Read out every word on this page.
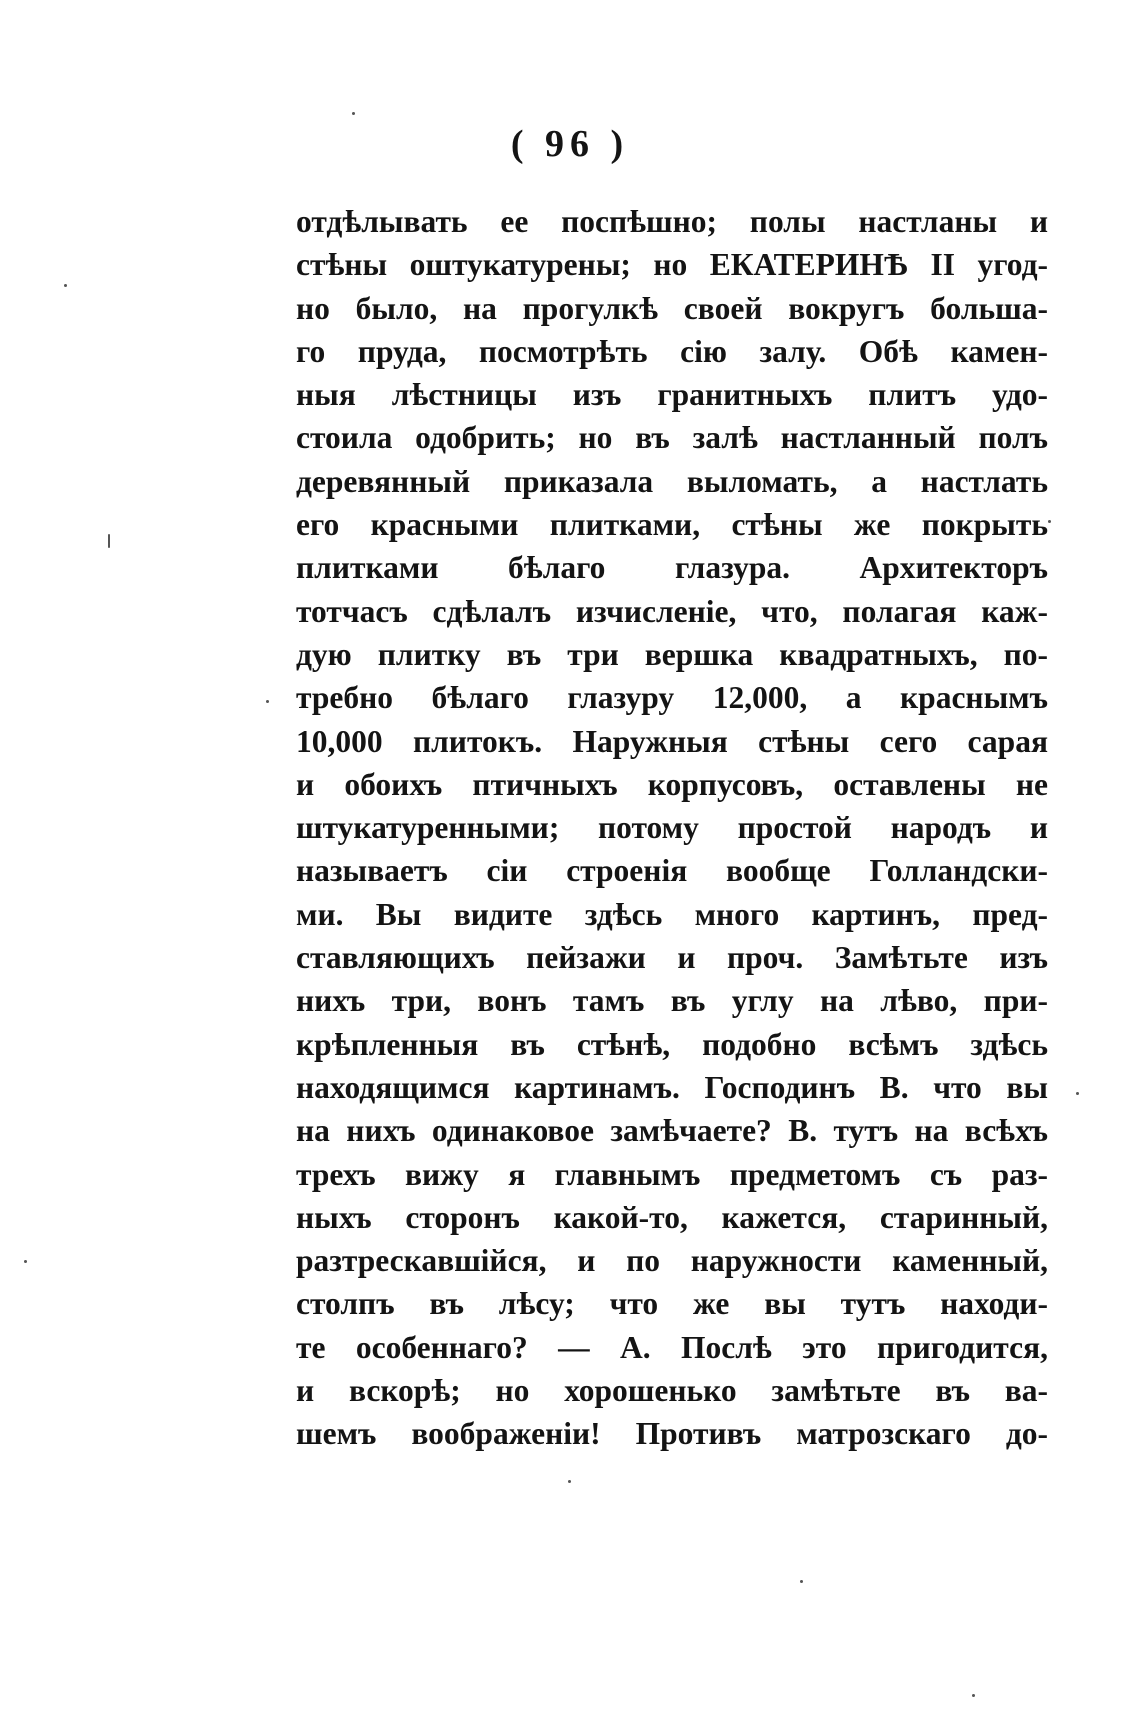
( 96 )
отдѣлывать ее поспѣшно; полы настланы и
стѣны оштукатурены; но ЕКАТЕРИНѢ II угод-
но было, на прогулкѣ своей вокругъ большa-
го пруда, посмотрѣть сiю залу. Обѣ камен-
ныя лѣстницы изъ гранитныхъ плитъ удо-
стоила одобрить; но въ залѣ настланный полъ
деревянный приказала выломать, а настлать
его красными плитками, стѣны же покрыть
плитками бѣлаго глазура. Архитекторъ
тотчасъ сдѣлалъ изчисленiе, что, полагая каж-
дую плитку въ три вершка квадратныхъ, по-
требно бѣлаго глазуру 12,000, а краснымъ
10,000 плитокъ. Наружныя стѣны сего сарая
и обоихъ птичныхъ корпусовъ, оставлены не
штукатуренными; потому простой народъ и
называетъ сiи строенiя вообще Голландски-
ми. Вы видите здѣсь много картинъ, пред-
ставляющихъ пейзажи и проч. Замѣтьте изъ
нихъ три, вонъ тамъ въ углу на лѣво, при-
крѣпленныя въ стѣнѣ, подобно всѣмъ здѣсь
находящимся картинамъ. Господинъ В. что вы
на нихъ одинаковое замѣчаете? В. тутъ на всѣхъ
трехъ вижу я главнымъ предметомъ съ раз-
ныхъ сторонъ какой-то, кажется, старинный,
разтрескавшiйся, и по наружности каменный,
столпъ въ лѣсу; что же вы тутъ находи-
те особеннаго? — А. Послѣ это пригодится,
и вскорѣ; но хорошенько замѣтьте въ ва-
шемъ воображенiи! Противъ матрозскаго до-
